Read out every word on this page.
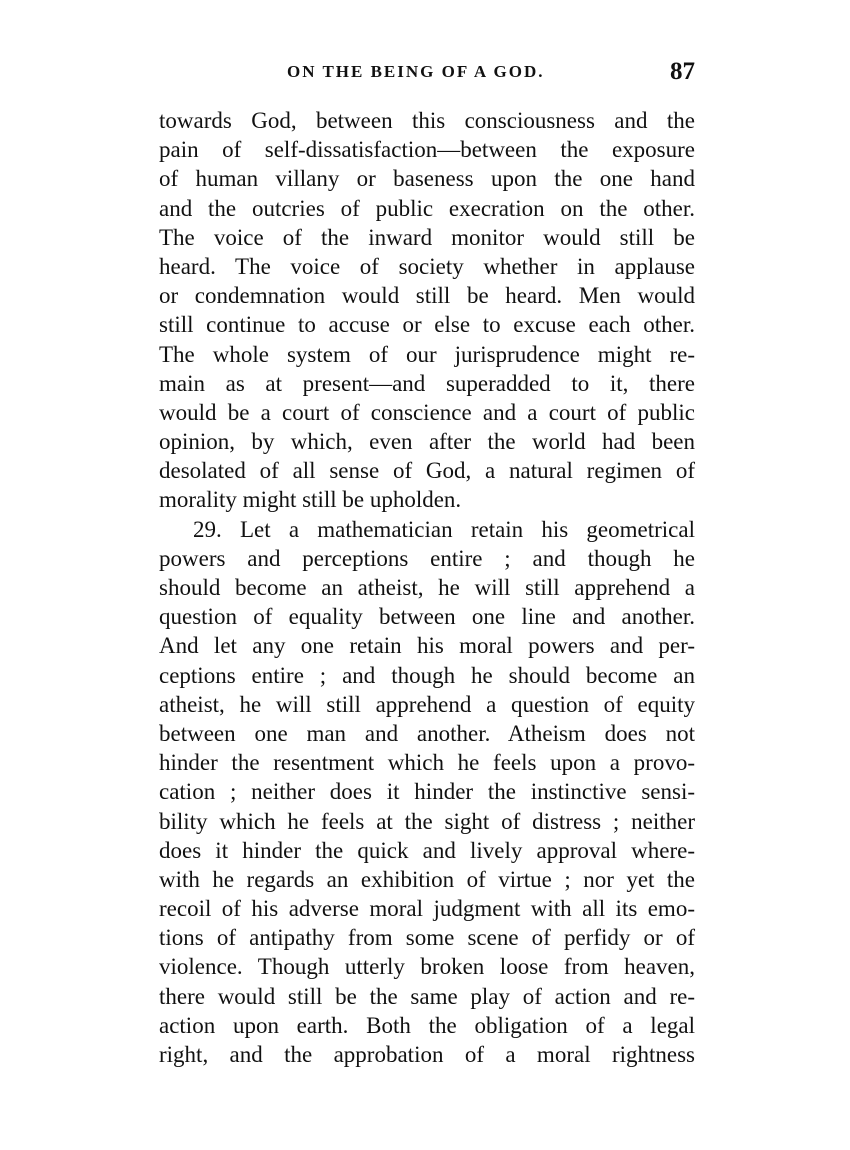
ON THE BEING OF A GOD.	87
towards God, between this consciousness and the
pain of self-dissatisfaction—between the exposure
of human villany or baseness upon the one hand
and the outcries of public execration on the other.
The voice of the inward monitor would still be
heard. The voice of society whether in applause
or condemnation would still be heard. Men would
still continue to accuse or else to excuse each other.
The whole system of our jurisprudence might re-
main as at present—and superadded to it, there
would be a court of conscience and a court of public
opinion, by which, even after the world had been
desolated of all sense of God, a natural regimen of
morality might still be upholden.
29. Let a mathematician retain his geometrical
powers and perceptions entire ; and though he
should become an atheist, he will still apprehend a
question of equality between one line and another.
And let any one retain his moral powers and per-
ceptions entire ; and though he should become an
atheist, he will still apprehend a question of equity
between one man and another. Atheism does not
hinder the resentment which he feels upon a provo-
cation ; neither does it hinder the instinctive sensi-
bility which he feels at the sight of distress ; neither
does it hinder the quick and lively approval where-
with he regards an exhibition of virtue ; nor yet the
recoil of his adverse moral judgment with all its emo-
tions of antipathy from some scene of perfidy or of
violence. Though utterly broken loose from heaven,
there would still be the same play of action and re-
action upon earth. Both the obligation of a legal
right, and the approbation of a moral rightness
